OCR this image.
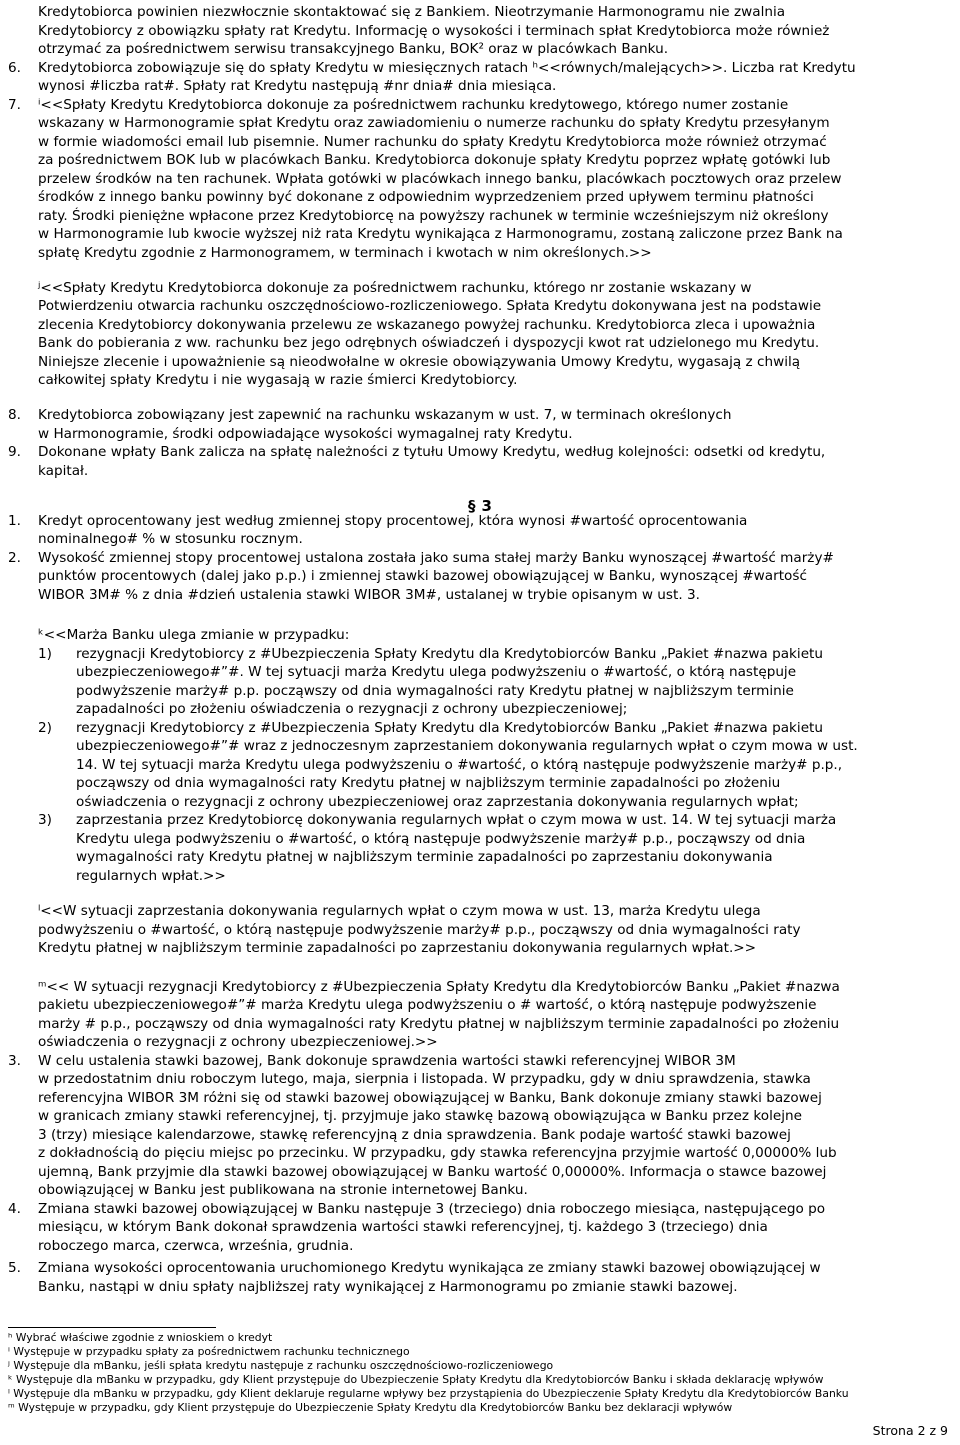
Kredytobiorca powinien niezwłocznie skontaktować się z Bankiem. Nieotrzymanie Harmonogramu nie zwalnia
Kredytobiorcy z obowiązku spłaty rat Kredytu. Informację o wysokości i terminach spłat Kredytobiorca może również
otrzymać za pośrednictwem serwisu transakcyjnego Banku, BOK² oraz w placówkach Banku.
6. Kredytobiorca zobowiązuje się do spłaty Kredytu w miesięcznych ratach ʰ<<równych/malejących>>. Liczba rat Kredytu
wynosi #liczba rat#. Spłaty rat Kredytu następują #nr dnia# dnia miesiąca.
7. ⁱ<<Spłaty Kredytu Kredytobiorca dokonuje za pośrednictwem rachunku kredytowego, którego numer zostanie
wskazany w Harmonogramie spłat Kredytu oraz zawiadomieniu o numerze rachunku do spłaty Kredytu przesyłanym
w formie wiadomości email lub pisemnie. Numer rachunku do spłaty Kredytu Kredytobiorca może również otrzymać
za pośrednictwem BOK lub w placówkach Banku. Kredytobiorca dokonuje spłaty Kredytu poprzez wpłatę gotówki lub
przelew środków na ten rachunek. Wpłata gotówki w placówkach innego banku, placówkach pocztowych oraz przelew
środków z innego banku powinny być dokonane z odpowiednim wyprzedzeniem przed upływem terminu płatności
raty. Środki pieniężne wpłacone przez Kredytobiorcę na powyższy rachunek w terminie wcześniejszym niż określony
w Harmonogramie lub kwocie wyższej niż rata Kredytu wynikająca z Harmonogramu, zostaną zaliczone przez Bank na
spłatę Kredytu zgodnie z Harmonogramem, w terminach i kwotach w nim określonych.>>
ʲ<<Spłaty Kredytu Kredytobiorca dokonuje za pośrednictwem rachunku, którego nr zostanie wskazany w
Potwierdzeniu otwarcia rachunku oszczędnościowo-rozliczeniowego. Spłata Kredytu dokonywana jest na podstawie
zlecenia Kredytobiorcy dokonywania przelewu ze wskazanego powyżej rachunku. Kredytobiorca zleca i upoważnia
Bank do pobierania z ww. rachunku bez jego odrębnych oświadczeń i dyspozycji kwot rat udzielonego mu Kredytu.
Niniejsze zlecenie i upoważnienie są nieodwołalne w okresie obowiązywania Umowy Kredytu, wygasają z chwilą
całkowitej spłaty Kredytu i nie wygasają w razie śmierci Kredytobiorcy.
8. Kredytobiorca zobowiązany jest zapewnić na rachunku wskazanym w ust. 7, w terminach określonych
w Harmonogramie, środki odpowiadające wysokości wymagalnej raty Kredytu.
9. Dokonane wpłaty Bank zalicza na spłatę należności z tytułu Umowy Kredytu, według kolejności: odsetki od kredytu,
kapitał.
1. Kredyt oprocentowany jest według zmiennej stopy procentowej, która wynosi #wartość oprocentowania
nominalnego# % w stosunku rocznym.
2. Wysokość zmiennej stopy procentowej ustalona została jako suma stałej marży Banku wynoszącej #wartość marży#
punktów procentowych (dalej jako p.p.) i zmiennej stawki bazowej obowiązującej w Banku, wynoszącej #wartość
WIBOR 3M# % z dnia #dzień ustalenia stawki WIBOR 3M#, ustalanej w trybie opisanym w ust. 3.
ᵏ<<Marża Banku ulega zmianie w przypadku:
1) rezygnacji Kredytobiorcy z #Ubezpieczenia Spłaty Kredytu dla Kredytobiorców Banku „Pakiet #nazwa pakietu
ubezpieczeniowego#”#. W tej sytuacji marża Kredytu ulega podwyższeniu o #wartość, o którą następuje
podwyższenie marży# p.p. począwszy od dnia wymagalności raty Kredytu płatnej w najbliższym terminie
zapadalności po złożeniu oświadczenia o rezygnacji z ochrony ubezpieczeniowej;
2) rezygnacji Kredytobiorcy z #Ubezpieczenia Spłaty Kredytu dla Kredytobiorców Banku „Pakiet #nazwa pakietu
ubezpieczeniowego#”# wraz z jednoczesnym zaprzestaniem dokonywania regularnych wpłat o czym mowa w ust.
14. W tej sytuacji marża Kredytu ulega podwyższeniu o #wartość, o którą następuje podwyższenie marży# p.p.,
począwszy od dnia wymagalności raty Kredytu płatnej w najbliższym terminie zapadalności po złożeniu
oświadczenia o rezygnacji z ochrony ubezpieczeniowej oraz zaprzestania dokonywania regularnych wpłat;
3) zaprzestania przez Kredytobiorcę dokonywania regularnych wpłat o czym mowa w ust. 14. W tej sytuacji marża
Kredytu ulega podwyższeniu o #wartość, o którą następuje podwyższenie marży# p.p., począwszy od dnia
wymagalności raty Kredytu płatnej w najbliższym terminie zapadalności po zaprzestaniu dokonywania
regularnych wpłat.>>
ˡ<<W sytuacji zaprzestania dokonywania regularnych wpłat o czym mowa w ust. 13, marża Kredytu ulega
podwyższeniu o #wartość, o którą następuje podwyższenie marży# p.p., począwszy od dnia wymagalności raty
Kredytu płatnej w najbliższym terminie zapadalności po zaprzestaniu dokonywania regularnych wpłat.>>
ᵐ<< W sytuacji rezygnacji Kredytobiorcy z #Ubezpieczenia Spłaty Kredytu dla Kredytobiorców Banku „Pakiet #nazwa
pakietu ubezpieczeniowego#”# marża Kredytu ulega podwyższeniu o # wartość, o którą następuje podwyższenie
marży # p.p., począwszy od dnia wymagalności raty Kredytu płatnej w najbliższym terminie zapadalności po złożeniu
oświadczenia o rezygnacji z ochrony ubezpieczeniowej.>>
3. W celu ustalenia stawki bazowej, Bank dokonuje sprawdzenia wartości stawki referencyjnej WIBOR 3M
w przedostatnim dniu roboczym lutego, maja, sierpnia i listopada. W przypadku, gdy w dniu sprawdzenia, stawka
referencyjna WIBOR 3M różni się od stawki bazowej obowiązującej w Banku, Bank dokonuje zmiany stawki bazowej
w granicach zmiany stawki referencyjnej, tj. przyjmuje jako stawkę bazową obowiązująca w Banku przez kolejne
3 (trzy) miesiące kalendarzowe, stawkę referencyjną z dnia sprawdzenia. Bank podaje wartość stawki bazowej
z dokładnością do pięciu miejsc po przecinku. W przypadku, gdy stawka referencyjna przyjmie wartość 0,00000% lub
ujemną, Bank przyjmie dla stawki bazowej obowiązującej w Banku wartość 0,00000%. Informacja o stawce bazowej
obowiązującej w Banku jest publikowana na stronie internetowej Banku.
4. Zmiana stawki bazowej obowiązującej w Banku następuje 3 (trzeciego) dnia roboczego miesiąca, następującego po
miesiącu, w którym Bank dokonał sprawdzenia wartości stawki referencyjnej, tj. każdego 3 (trzeciego) dnia
roboczego marca, czerwca, września, grudnia.
5. Zmiana wysokości oprocentowania uruchomionego Kredytu wynikająca ze zmiany stawki bazowej obowiązującej w
Banku, nastąpi w dniu spłaty najbliższej raty wynikającej z Harmonogramu po zmianie stawki bazowej.
§ 3
ʰ Wybrać właściwe zgodnie z wnioskiem o kredyt
ⁱ Występuje w przypadku spłaty za pośrednictwem rachunku technicznego
ʲ Występuje dla mBanku, jeśli spłata kredytu następuje z rachunku oszczędnościowo-rozliczeniowego
ᵏ Występuje dla mBanku w przypadku, gdy Klient przystępuje do Ubezpieczenie Spłaty Kredytu dla Kredytobiorców Banku i składa deklarację wpływów
ˡ Występuje dla mBanku w przypadku, gdy Klient deklaruje regularne wpływy bez przystąpienia do Ubezpieczenie Spłaty Kredytu dla Kredytobiorców Banku
ᵐ Występuje w przypadku, gdy Klient przystępuje do Ubezpieczenie Spłaty Kredytu dla Kredytobiorców Banku bez deklaracji wpływów
Strona 2 z 9
